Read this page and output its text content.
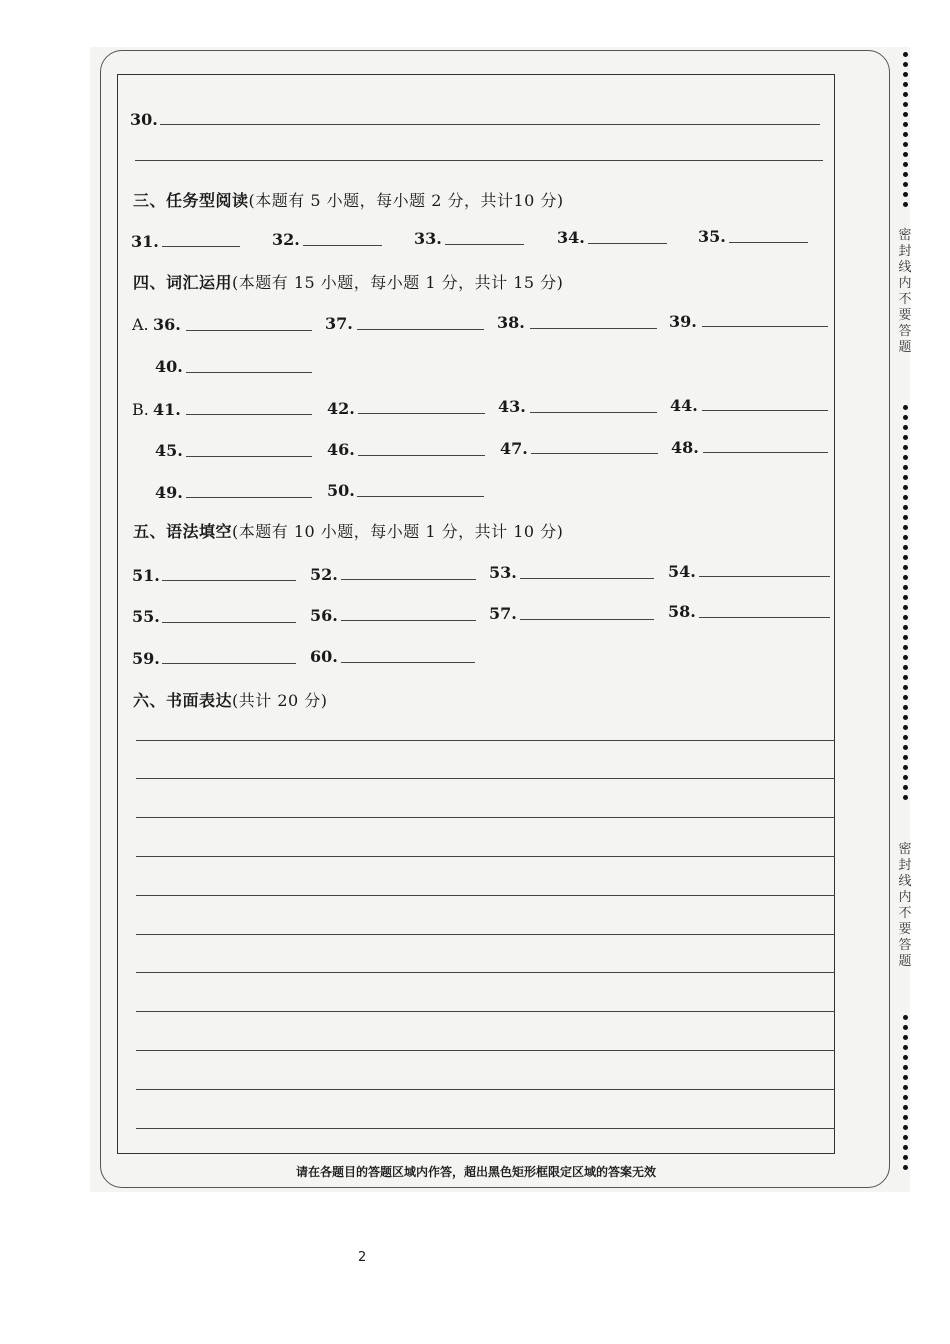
30.
三、任务型阅读(本题有 5 小题，每小题 2 分，共计10 分)
31.	32.	33.	34.	35.
四、词汇运用(本题有 15 小题，每小题 1 分，共计 15 分)
A. 36.	37.	38.	39.
40.
B. 41.	42.	43.	44.
45.	46.	47.	48.
49.	50.
五、语法填空(本题有 10 小题，每小题 1 分，共计 10 分)
51.	52.	53.	54.
55.	56.	57.	58.
59.	60.
六、书面表达(共计 20 分)
请在各题目的答题区域内作答，超出黑色矩形框限定区域的答案无效
2
密封线内不要答题
密封线内不要答题
